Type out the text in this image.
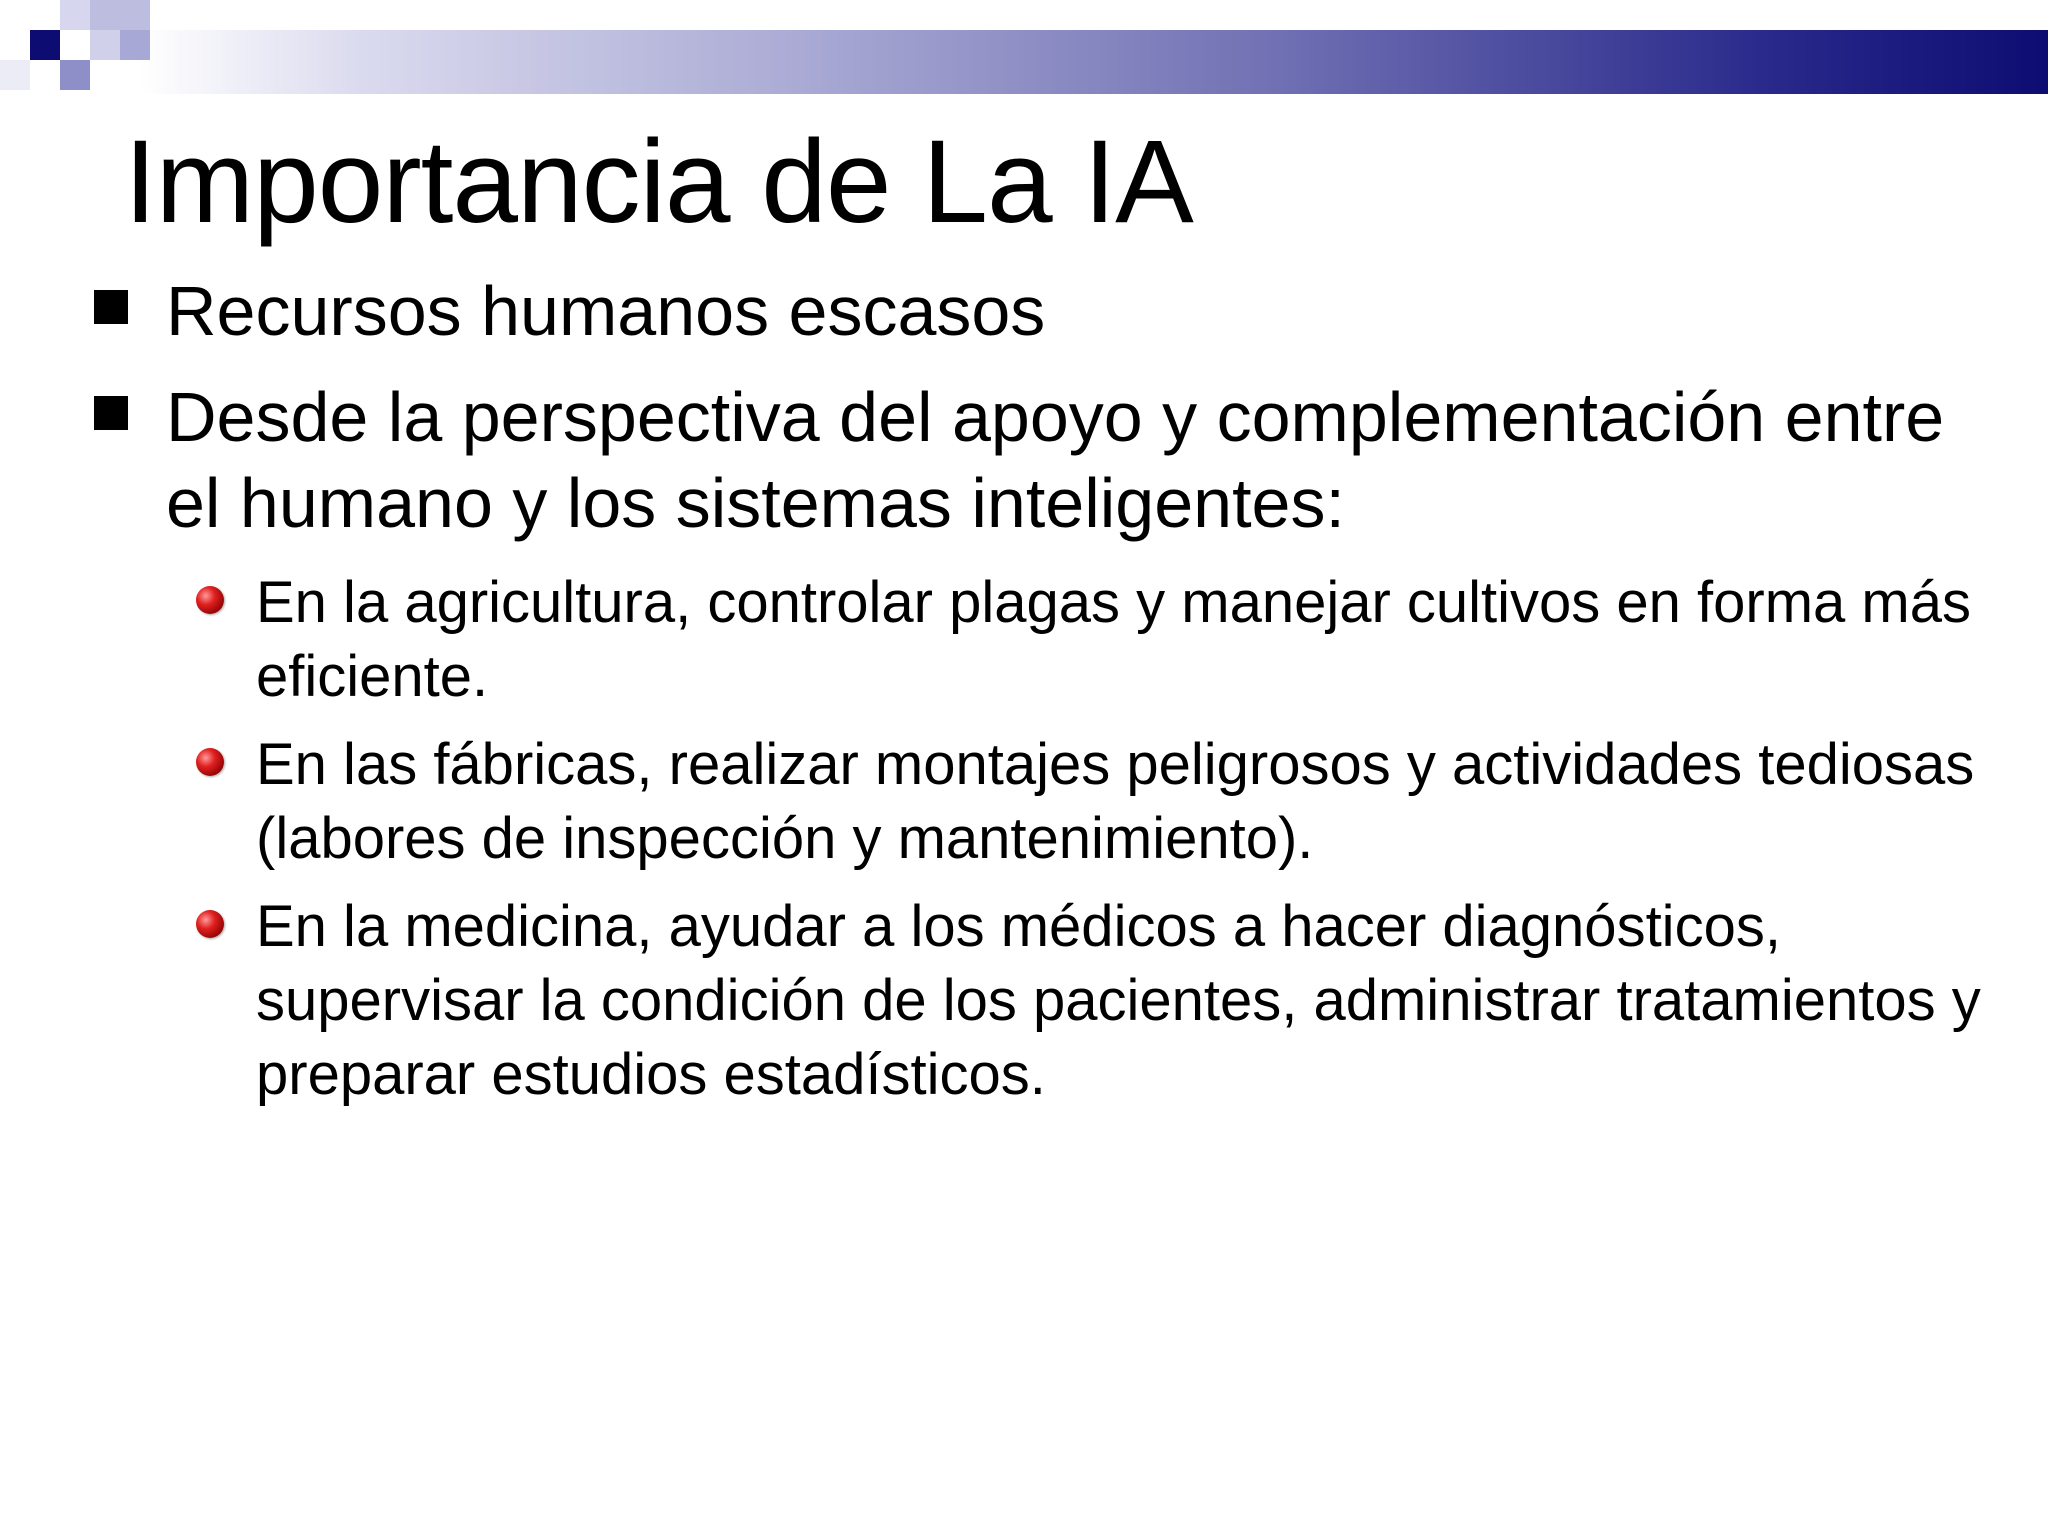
Importancia de La IA
Recursos humanos escasos
Desde la perspectiva del apoyo y complementación entre el humano y los sistemas inteligentes:
En la agricultura, controlar plagas y manejar cultivos en forma más eficiente.
En las fábricas, realizar montajes peligrosos y actividades tediosas (labores de inspección y mantenimiento).
En la medicina, ayudar a los médicos a hacer diagnósticos, supervisar la condición de los pacientes, administrar tratamientos y preparar estudios estadísticos.
